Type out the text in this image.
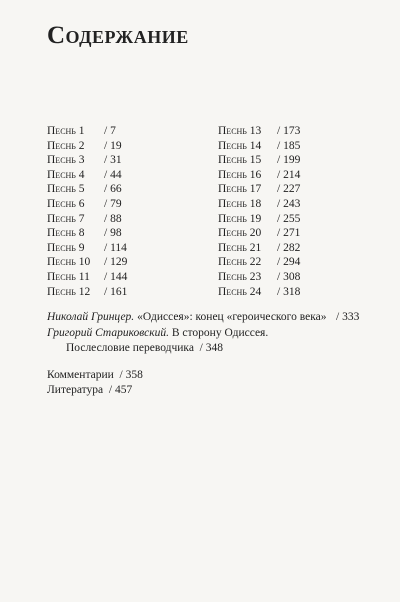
Содержание
Песнь 1 / 7
Песнь 2 / 19
Песнь 3 / 31
Песнь 4 / 44
Песнь 5 / 66
Песнь 6 / 79
Песнь 7 / 88
Песнь 8 / 98
Песнь 9 / 114
Песнь 10 / 129
Песнь 11 / 144
Песнь 12 / 161
Песнь 13 / 173
Песнь 14 / 185
Песнь 15 / 199
Песнь 16 / 214
Песнь 17 / 227
Песнь 18 / 243
Песнь 19 / 255
Песнь 20 / 271
Песнь 21 / 282
Песнь 22 / 294
Песнь 23 / 308
Песнь 24 / 318
Николай Гринцер. «Одиссея»: конец «героического века» / 333
Григорий Стариковский. В сторону Одиссея.
Послесловие переводчика / 348
Комментарии / 358
Литература / 457
